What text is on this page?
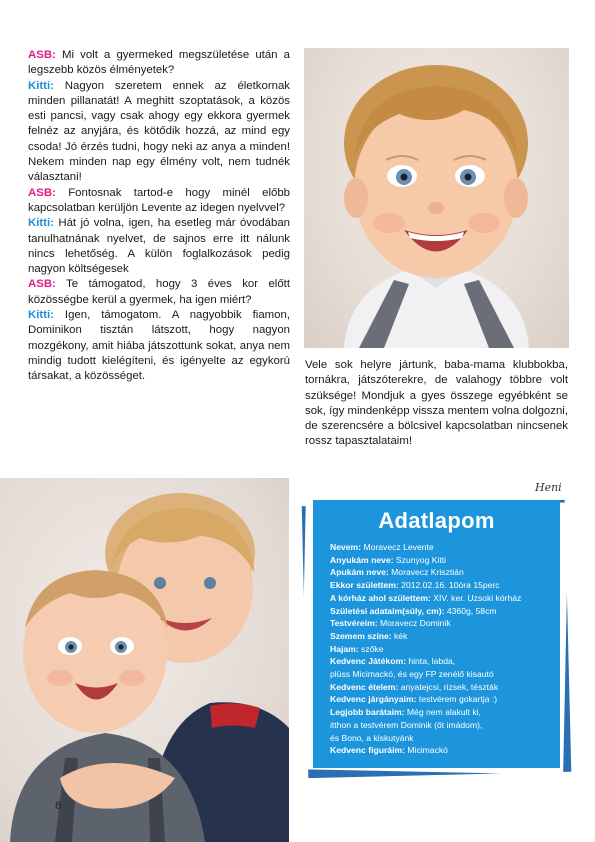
ASB: Mi volt a gyermeked megszületése után a legszebb közös élményetek?

Kitti: Nagyon szeretem ennek az életkornak minden pillanatát! A meghitt szoptatások, a közös esti pancsi, vagy csak ahogy egy ekkora gyermek felnéz az anyjára, és kötődik hozzá, az mind egy csoda! Jó érzés tudni, hogy neki az anya a minden! Nekem minden nap egy élmény volt, nem tudnék választani!

ASB: Fontosnak tartod-e hogy minél előbb kapcsolatban kerüljön Levente az idegen nyelvvel?

Kitti: Hát jó volna, igen, ha esetleg már óvodában tanulhatnának nyelvet, de sajnos erre itt nálunk nincs lehetőség. A külön foglalkozások pedig nagyon költségesek

ASB: Te támogatod, hogy 3 éves kor előtt közösségbe kerül a gyermek, ha igen miért?

Kitti: Igen, támogatom. A nagyobbik fiamon, Dominikon tisztán látszott, hogy nagyon mozgékony, amit hiába játszottunk sokat, anya nem mindig tudott kielégíteni, és igényelte az egykorú társakat, a közösséget.

Vele sok helyre jártunk, baba-mama klubbokba, tornákra, játszóterekre, de valahogy többre volt szüksége! Mondjuk a gyes összege egyébként se sok, így mindenképp vissza mentem volna dolgozni, de szerencsére a bölcsivel kapcsolatban nincsenek rossz tapasztalataim!
Heni
Adatlapom
Nevem: Moravecz Levente
Anyukám neve: Szunyog Kitti
Apukám neve: Moravecz Krisztián
Ekkor születtem: 2012.02.16. 10óra 15perc
A kórház ahol születtem: XIV. ker. Uzsoki kórház
Születési adataim(súly, cm): 4360g, 58cm
Testvéreim: Moravecz Dominik
Szemem színe: kék
Hajam: szőke
Kedvenc Játékom: hinta, labda,
plüss Micimackó, és egy FP zenélő kisautó
Kedvenc ételem: anyatejcsi, rizsek, tészták
Kedvenc járgányaim: testvérem gokartja :)
Legjobb barátaim: Még nem alakult ki,
itthon a testvérem Dominik (őt imádom),
és Bono, a kiskutyánk
Kedvenc figuráim: Micimackó
6
